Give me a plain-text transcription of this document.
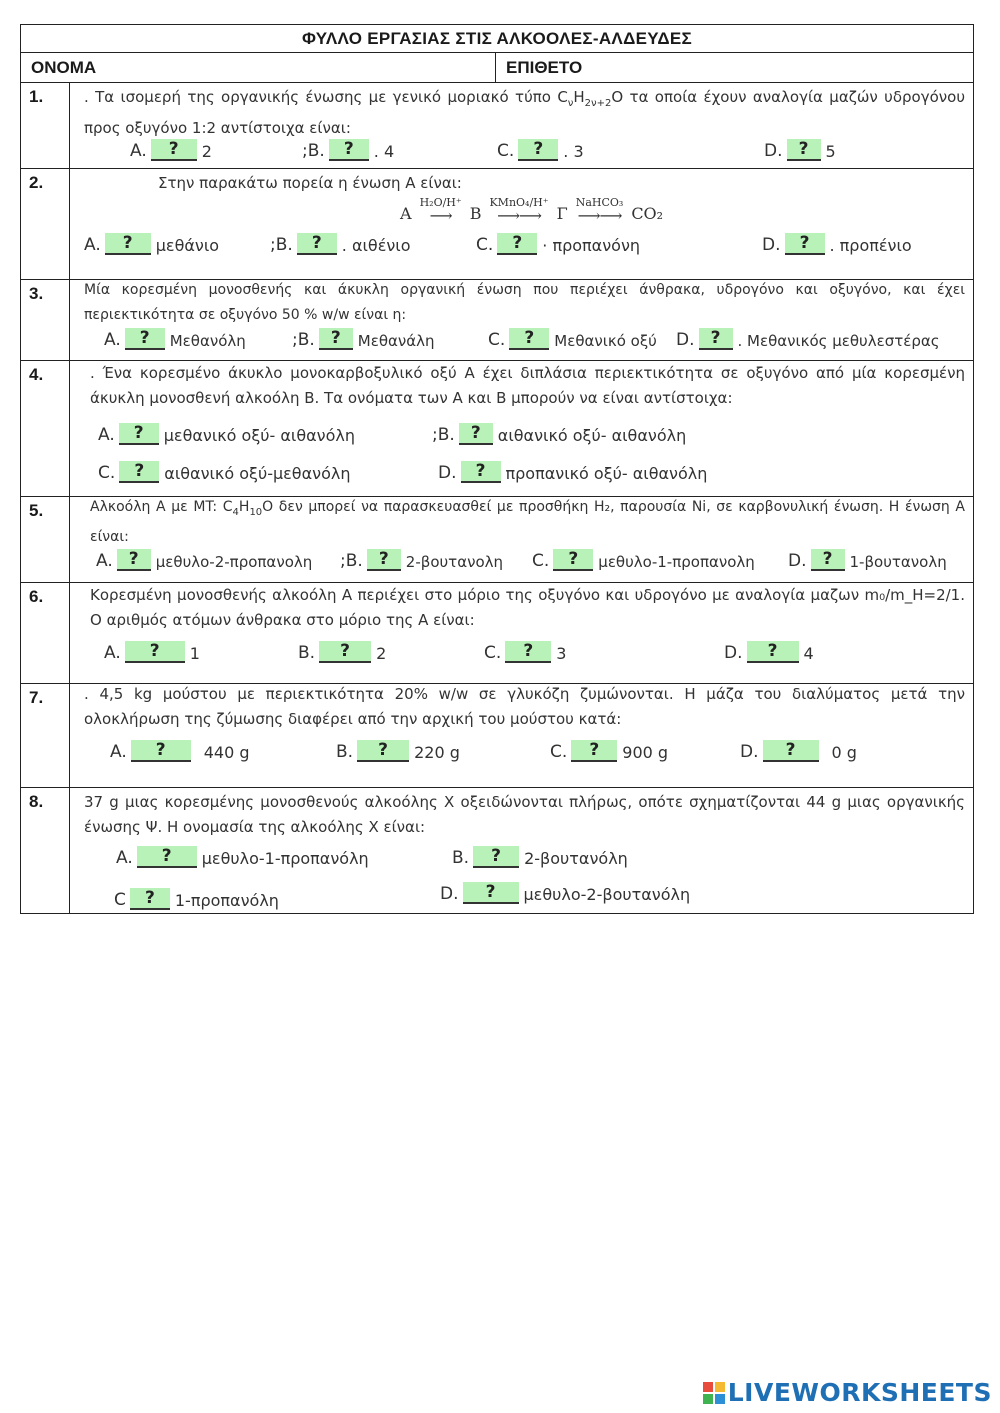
ΦΥΛΛΟ ΕΡΓΑΣΙΑΣ ΣΤΙΣ ΑΛΚΟΟΛΕΣ-ΑΛΔΕΥΔΕΣ
ΟΝΟΜΑ	ΕΠΙΘΕΤΟ
1.	. Τα ισομερή της οργανικής ένωσης με γενικό μοριακό τύπο $C_\nu H_{2\nu+2}O$ τα οποία έχουν αναλογία μαζών υδρογόνου προς οξυγόνο 1:2 αντίστοιχα είναι:
A.	?	2	;B.	?	. 4	C.	?	. 3	D. ?	5
2.	Στην παρακάτω πορεία η ένωση A είναι:
A
H₂O/H⁺
⟶ B
KMnO₄/H⁺
⟶⟶ Γ
NaHCO₃
⟶⟶ CO₂
A.	?	μεθάνιο	;B.	?	. αιθένιο	C.	?	· προπανόνη	D.	?	. προπένιο
3.	Μία κορεσμένη μονοσθενής και άκυκλη οργανική ένωση που περιέχει άνθρακα, υδρογόνο και οξυγόνο, και έχει περιεκτικότητα σε οξυγόνο 50 % w/w είναι η:
A.	?	Μεθανόλη	;B. ?	Μεθανάλη	C.	?	Μεθανικό οξύ D. ?	. Μεθανικός μεθυλεστέρας
4.	. Ένα κορεσμένο άκυκλο μονοκαρβοξυλικό οξύ A έχει διπλάσια περιεκτικότητα σε οξυγόνο από μία κορεσμένη άκυκλη μονοσθενή αλκοόλη B. Τα ονόματα των A και B μπορούν να είναι αντίστοιχα:
A.	?	μεθανικό οξύ- αιθανόλη	;B. ?	αιθανικό οξύ- αιθανόλη
C.	?	αιθανικό οξύ-μεθανόλη	D.	?	προπανικό οξύ- αιθανόλη
5.	Αλκοόλη A με MT: $C_4H_{10}O$ δεν μπορεί να παρασκευασθεί με προσθήκη H₂, παρουσία Ni, σε καρβονυλική ένωση. Η ένωση A είναι:
A. ?	μεθυλο-2-προπανολη ;B. ?	2-βουτανολη C.	?	μεθυλο-1-προπανολη D. ?	1-βουτανολη
6.	Κορεσμένη μονοσθενής αλκοόλη A περιέχει στο μόριο της οξυγόνο και υδρογόνο με αναλογία μαζων m₀/m_H=2/1. Ο αριθμός ατόμων άνθρακα στο μόριο της A είναι:
A.	?	1	B.	?	2	C.	?	3	D.	?	4
7.	. 4,5 kg μούστου με περιεκτικότητα 20% w/w σε γλυκόζη ζυμώνονται. Η μάζα του διαλύματος μετά την ολοκλήρωση της ζύμωσης διαφέρει από την αρχική του μούστου κατά:
A.	?	440 g	B.	?	220 g	C.	?	900 g	D.	?	0 g
8.	37 g μιας κορεσμένης μονοσθενούς αλκοόλης X οξειδώνονται πλήρως, οπότε σχηματίζονται 44 g μιας οργανικής ένωσης Ψ. Η ονομασία της αλκοόλης X είναι:
A.	?	μεθυλο-1-προπανόλη	B.	?	2-βουτανόλη
C	?	1-προπανόλη	D.	?	μεθυλο-2-βουτανόλη
LIVEWORKSHEETS
